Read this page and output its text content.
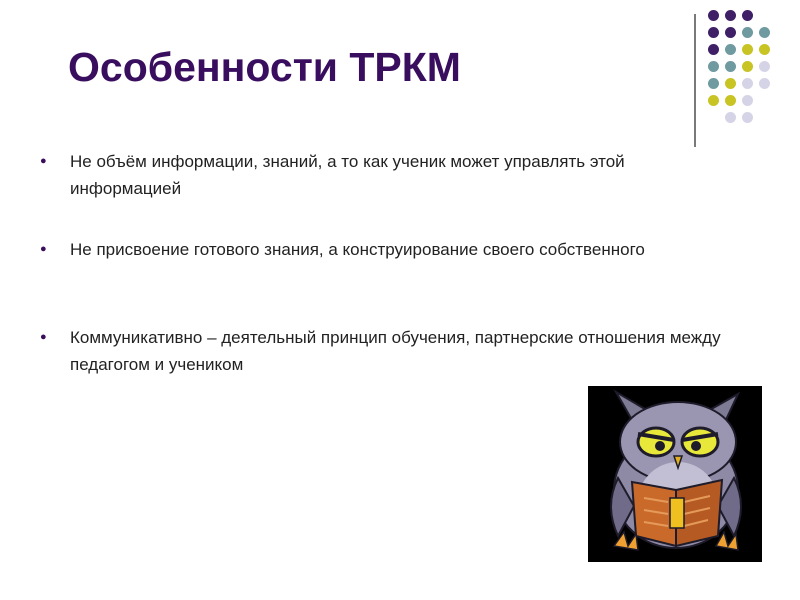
Особенности ТРКМ
●	Не объём информации, знаний, а то как ученик может управлять этой информацией
●	Не присвоение готового знания, а конструирование своего собственного
●	Коммуникативно – деятельный принцип обучения, партнерские отношения между педагогом и учеником
